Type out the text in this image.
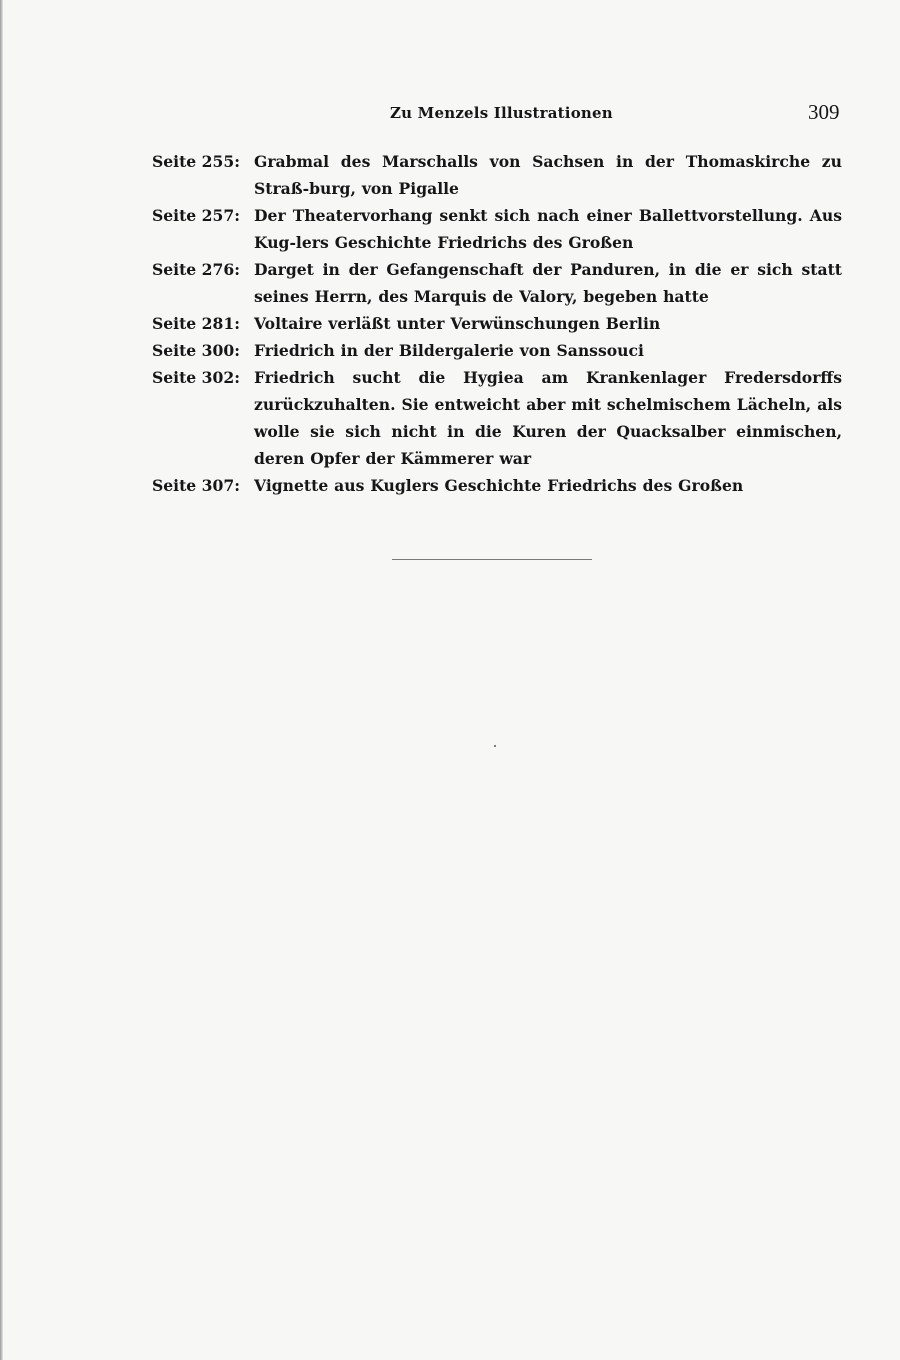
Zu Menzels Illustrationen	309
Seite 255: Grabmal des Marschalls von Sachsen in der Thomaskirche zu Straß-burg, von Pigalle
Seite 257: Der Theatervorhang senkt sich nach einer Ballettvorstellung. Aus Kug-lers Geschichte Friedrichs des Großen
Seite 276: Darget in der Gefangenschaft der Panduren, in die er sich statt seines Herrn, des Marquis de Valory, begeben hatte
Seite 281: Voltaire verläßt unter Verwünschungen Berlin
Seite 300: Friedrich in der Bildergalerie von Sanssouci
Seite 302: Friedrich sucht die Hygiea am Krankenlager Fredersdorffs zurückzuhalten. Sie entweicht aber mit schelmischem Lächeln, als wolle sie sich nicht in die Kuren der Quacksalber einmischen, deren Opfer der Kämmerer war
Seite 307: Vignette aus Kuglers Geschichte Friedrichs des Großen
